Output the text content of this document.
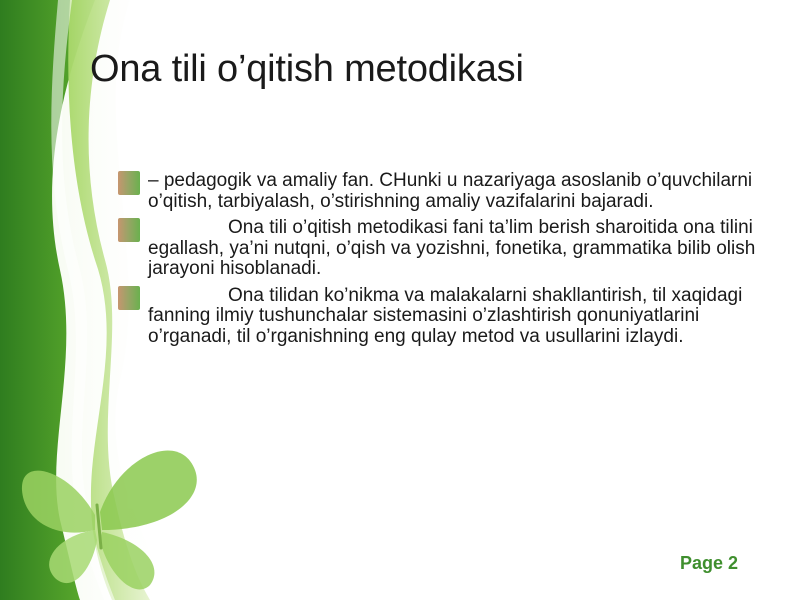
Ona tili o’qitish metodikasi
– pedagogik va amaliy fan. CHunki u nazariyaga asoslanib o’quvchilarni o’qitish, tarbiyalash, o’stirishning amaliy vazifalarini bajaradi.
Ona tili o’qitish metodikasi fani ta’lim berish sharoitida ona tilini egallash, ya’ni nutqni, o’qish va yozishni, fonetika, grammatika bilib olish jarayoni hisoblanadi.
Ona tilidan ko’nikma va malakalarni shakllantirish, til xaqidagi fanning ilmiy tushunchalar sistemasini o’zlashtirish qonuniyatlarini o’rganadi, til o’rganishning eng qulay metod va usullarini izlaydi.
Page 2
